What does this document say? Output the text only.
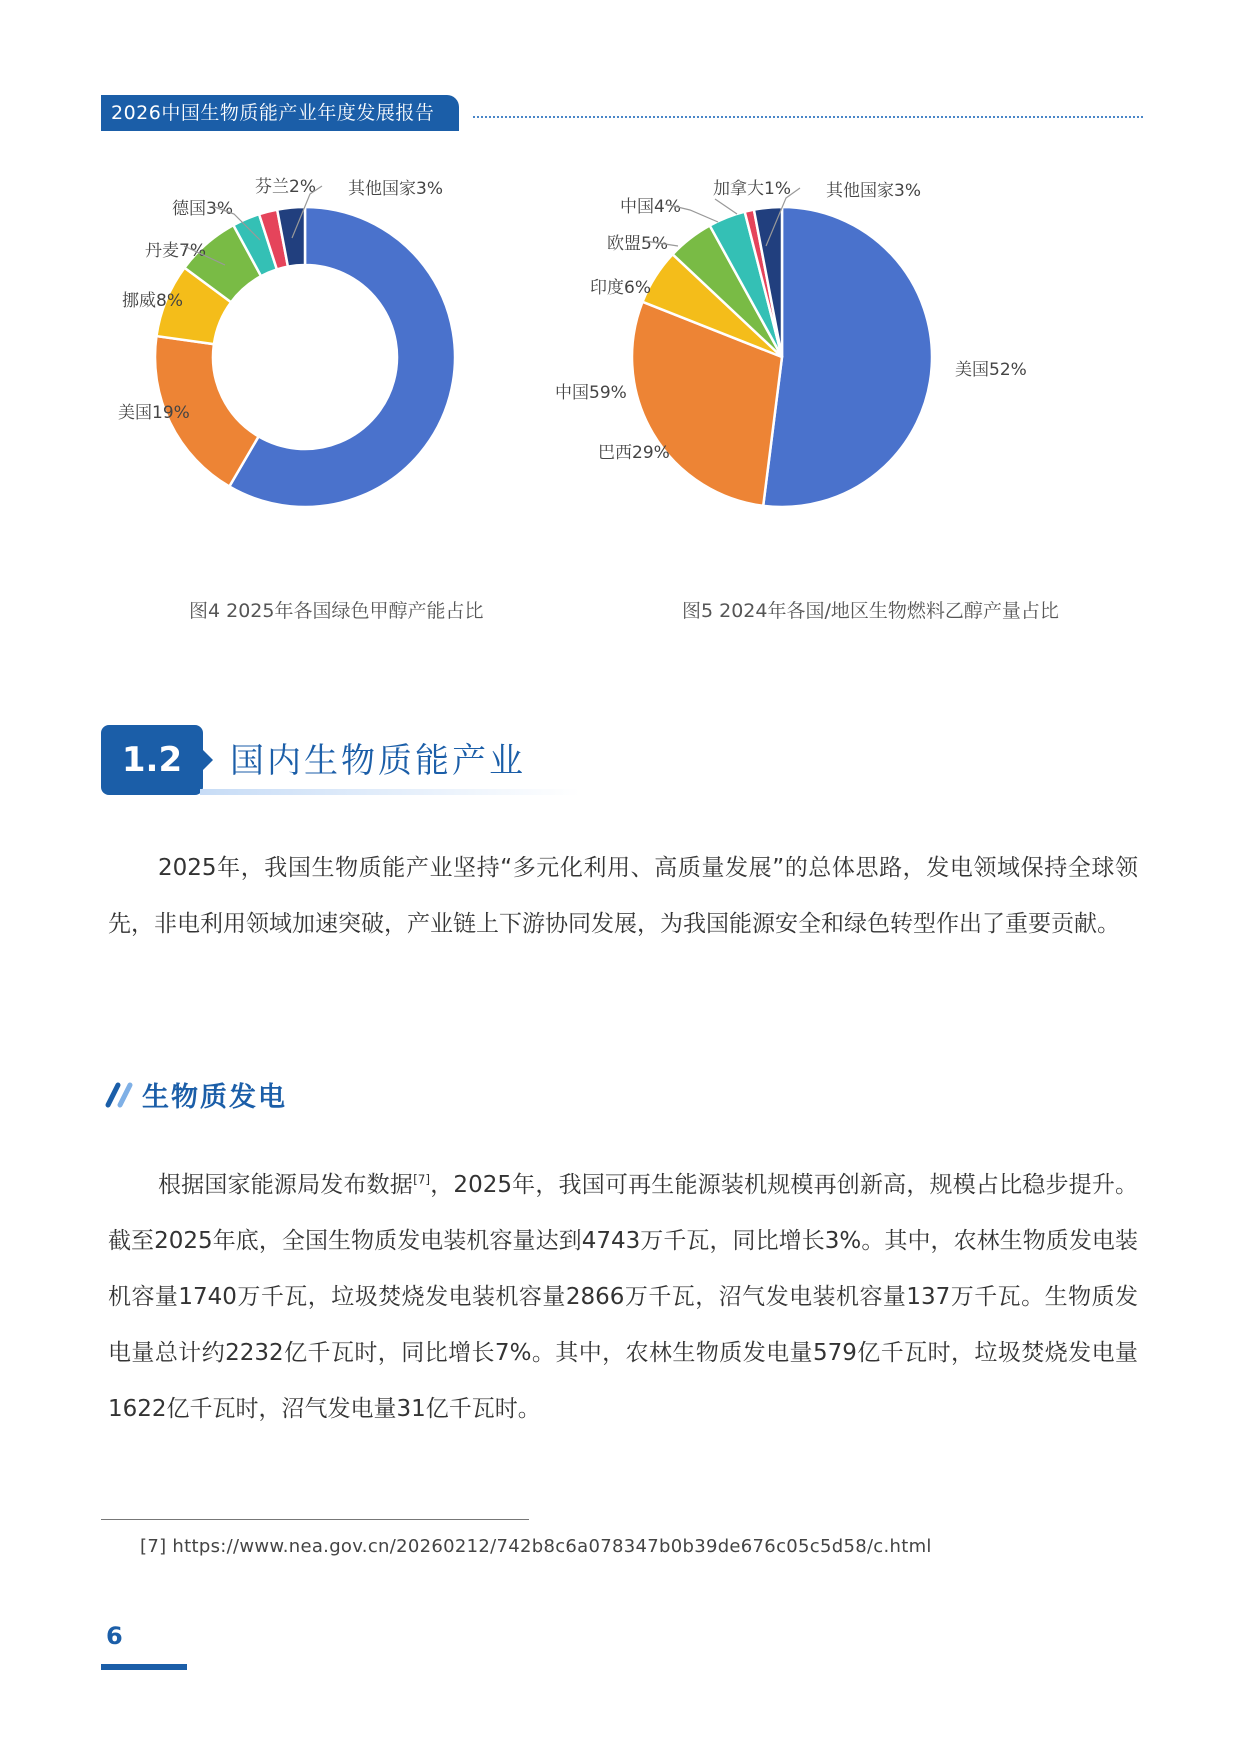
2026中国生物质能产业年度发展报告
中国59%
美国19%
挪威8%
丹麦7%
德国3%
芬兰2% 其他国家3%
美国52%
巴西29%
印度6%
欧盟5%
中国4%
加拿大1% 其他国家3%
图4 2025年各国绿色甲醇产能占比	图5 2024年各国/地区生物燃料乙醇产量占比
1.2	国内生物质能产业

2025年，我国生物质能产业坚持“多元化利用、高质量发展”的总体思路，发电领域保持全球领先，非电利用领域加速突破，产业链上下游协同发展，为我国能源安全和绿色转型作出了重要贡献。

生物质发电

根据国家能源局发布数据[7]，2025年，我国可再生能源装机规模再创新高，规模占比稳步提升。截至2025年底，全国生物质发电装机容量达到4743万千瓦，同比增长3%。其中，农林生物质发电装机容量1740万千瓦，垃圾焚烧发电装机容量2866万千瓦，沼气发电装机容量137万千瓦。生物质发电量总计约2232亿千瓦时，同比增长7%。其中，农林生物质发电量579亿千瓦时，垃圾焚烧发电量1622亿千瓦时，沼气发电量31亿千瓦时。

[7] https://www.nea.gov.cn/20260212/742b8c6a078347b0b39de676c05c5d58/c.html
6
